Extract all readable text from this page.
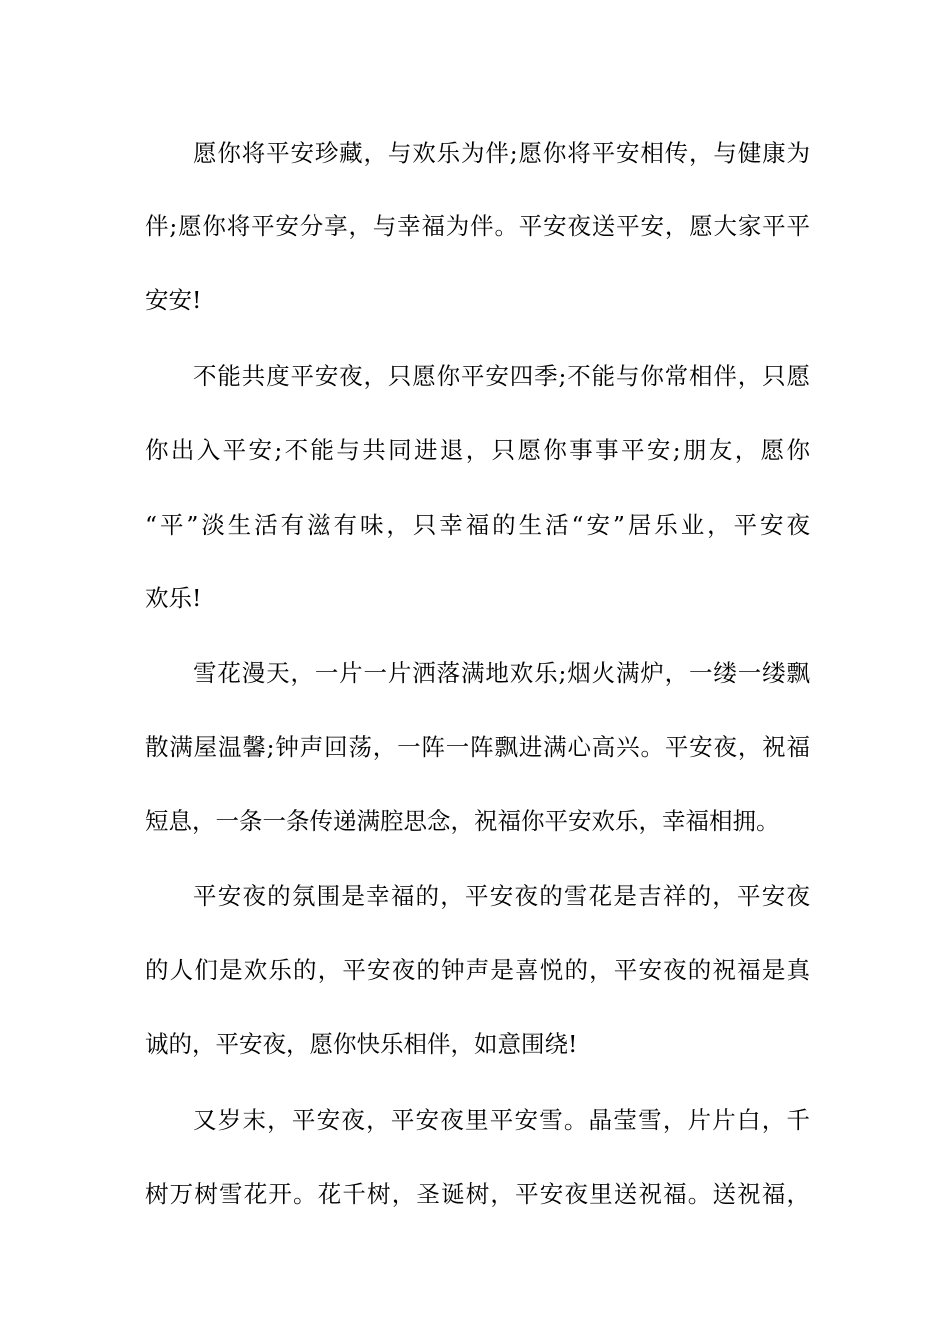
愿你将平安珍藏，与欢乐为伴;愿你将平安相传，与健康为
伴;愿你将平安分享，与幸福为伴。平安夜送平安，愿大家平平
安安!
不能共度平安夜，只愿你平安四季;不能与你常相伴，只愿
你出入平安;不能与共同进退，只愿你事事平安;朋友，愿你
“平”淡生活有滋有味，只幸福的生活“安”居乐业，平安夜
欢乐!
雪花漫天，一片一片洒落满地欢乐;烟火满炉，一缕一缕飘
散满屋温馨;钟声回荡，一阵一阵飘进满心高兴。平安夜，祝福
短息，一条一条传递满腔思念，祝福你平安欢乐，幸福相拥。
平安夜的氛围是幸福的，平安夜的雪花是吉祥的，平安夜
的人们是欢乐的，平安夜的钟声是喜悦的，平安夜的祝福是真
诚的，平安夜，愿你快乐相伴，如意围绕!
又岁末，平安夜，平安夜里平安雪。晶莹雪，片片白，千
树万树雪花开。花千树，圣诞树，平安夜里送祝福。送祝福，
